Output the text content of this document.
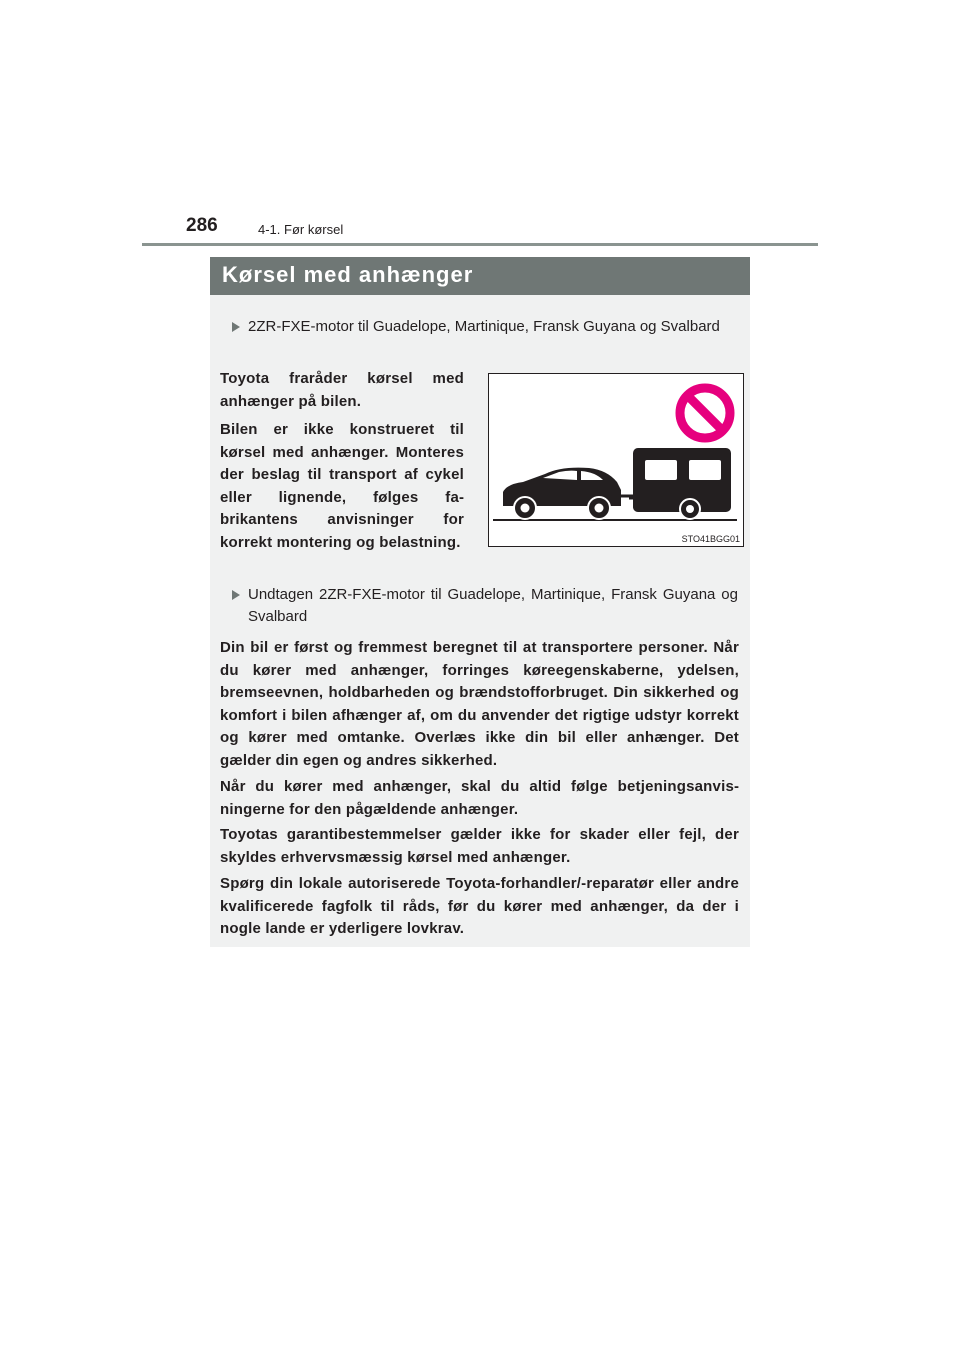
286	4-1. Før kørsel
Kørsel med anhænger
2ZR-FXE-motor til Guadelope, Martinique, Fransk Guyana og Svalbard
Toyota fraråder kørsel med anhænger på bilen.
Bilen er ikke konstrueret til kørsel med anhænger. Monteres der beslag til transport af cykel eller lignende, følges fabrikantens anvisninger for korrekt montering og belastning.	STO41BGG01
Undtagen 2ZR-FXE-motor til Guadelope, Martinique, Fransk Guyana og Svalbard
Din bil er først og fremmest beregnet til at transportere personer. Når du kører med anhænger, forringes køreegenskaberne, ydelsen, bremseevnen, holdbarheden og brændstofforbruget. Din sikkerhed og komfort i bilen afhænger af, om du anvender det rigtige udstyr korrekt og kører med omtanke. Overlæs ikke din bil eller anhænger. Det gælder din egen og andres sikkerhed.
Når du kører med anhænger, skal du altid følge betjeningsanvisningerne for den pågældende anhænger.
Toyotas garantibestemmelser gælder ikke for skader eller fejl, der skyldes erhvervsmæssig kørsel med anhænger.
Spørg din lokale autoriserede Toyota-forhandler/-reparatør eller andre kvalificerede fagfolk til råds, før du kører med anhænger, da der i nogle lande er yderligere lovkrav.
